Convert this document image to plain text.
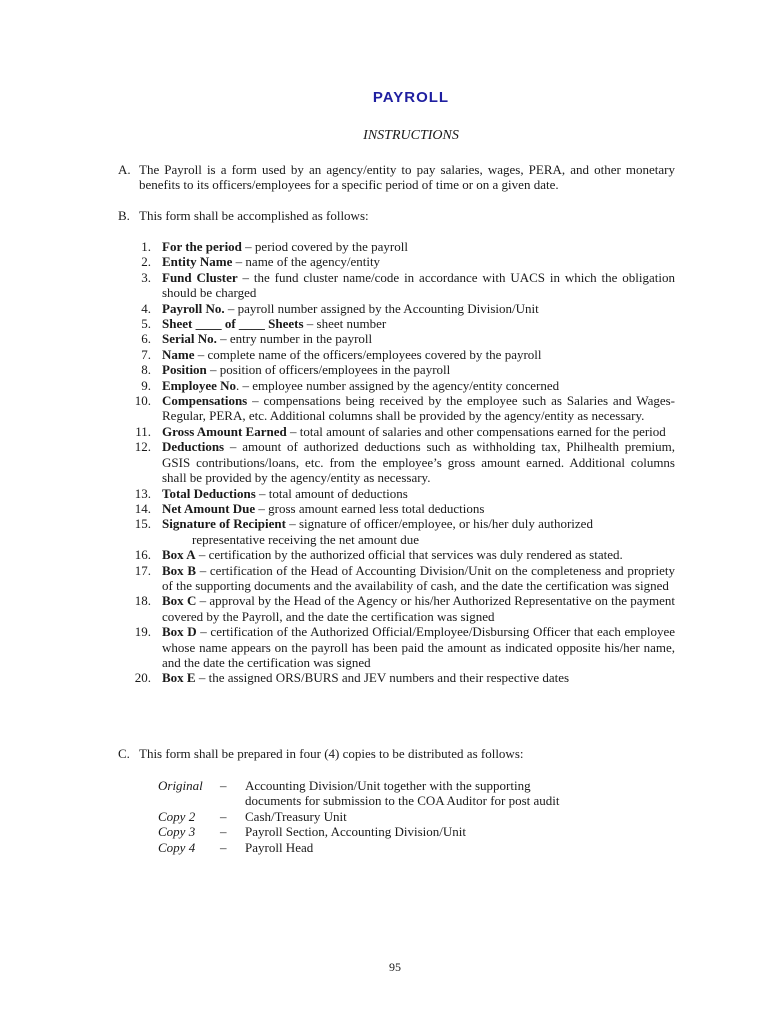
PAYROLL
INSTRUCTIONS
A. The Payroll is a form used by an agency/entity to pay salaries, wages, PERA, and other monetary benefits to its officers/employees for a specific period of time or on a given date.
B. This form shall be accomplished as follows:
1. For the period – period covered by the payroll
2. Entity Name – name of the agency/entity
3. Fund Cluster – the fund cluster name/code in accordance with UACS in which the obligation should be charged
4. Payroll No. – payroll number assigned by the Accounting Division/Unit
5. Sheet ____ of ____ Sheets – sheet number
6. Serial No. – entry number in the payroll
7. Name – complete name of the officers/employees covered by the payroll
8. Position – position of officers/employees in the payroll
9. Employee No. – employee number assigned by the agency/entity concerned
10. Compensations – compensations being received by the employee such as Salaries and Wages-Regular, PERA, etc. Additional columns shall be provided by the agency/entity as necessary.
11. Gross Amount Earned – total amount of salaries and other compensations earned for the period
12. Deductions – amount of authorized deductions such as withholding tax, Philhealth premium, GSIS contributions/loans, etc. from the employee’s gross amount earned. Additional columns shall be provided by the agency/entity as necessary.
13. Total Deductions – total amount of deductions
14. Net Amount Due – gross amount earned less total deductions
15. Signature of Recipient – signature of officer/employee, or his/her duly authorized
representative receiving the net amount due
16. Box A – certification by the authorized official that services was duly rendered as stated.
17. Box B – certification of the Head of Accounting Division/Unit on the completeness and propriety of the supporting documents and the availability of cash, and the date the certification was signed
18. Box C – approval by the Head of the Agency or his/her Authorized Representative on the payment covered by the Payroll, and the date the certification was signed
19. Box D – certification of the Authorized Official/Employee/Disbursing Officer that each employee whose name appears on the payroll has been paid the amount as indicated opposite his/her name, and the date the certification was signed
20. Box E – the assigned ORS/BURS and JEV numbers and their respective dates
C. This form shall be prepared in four (4) copies to be distributed as follows:
Original – Accounting Division/Unit together with the supporting documents for submission to the COA Auditor for post audit
Copy 2	– Cash/Treasury Unit
Copy 3	– Payroll Section, Accounting Division/Unit
Copy 4	– Payroll Head
95
